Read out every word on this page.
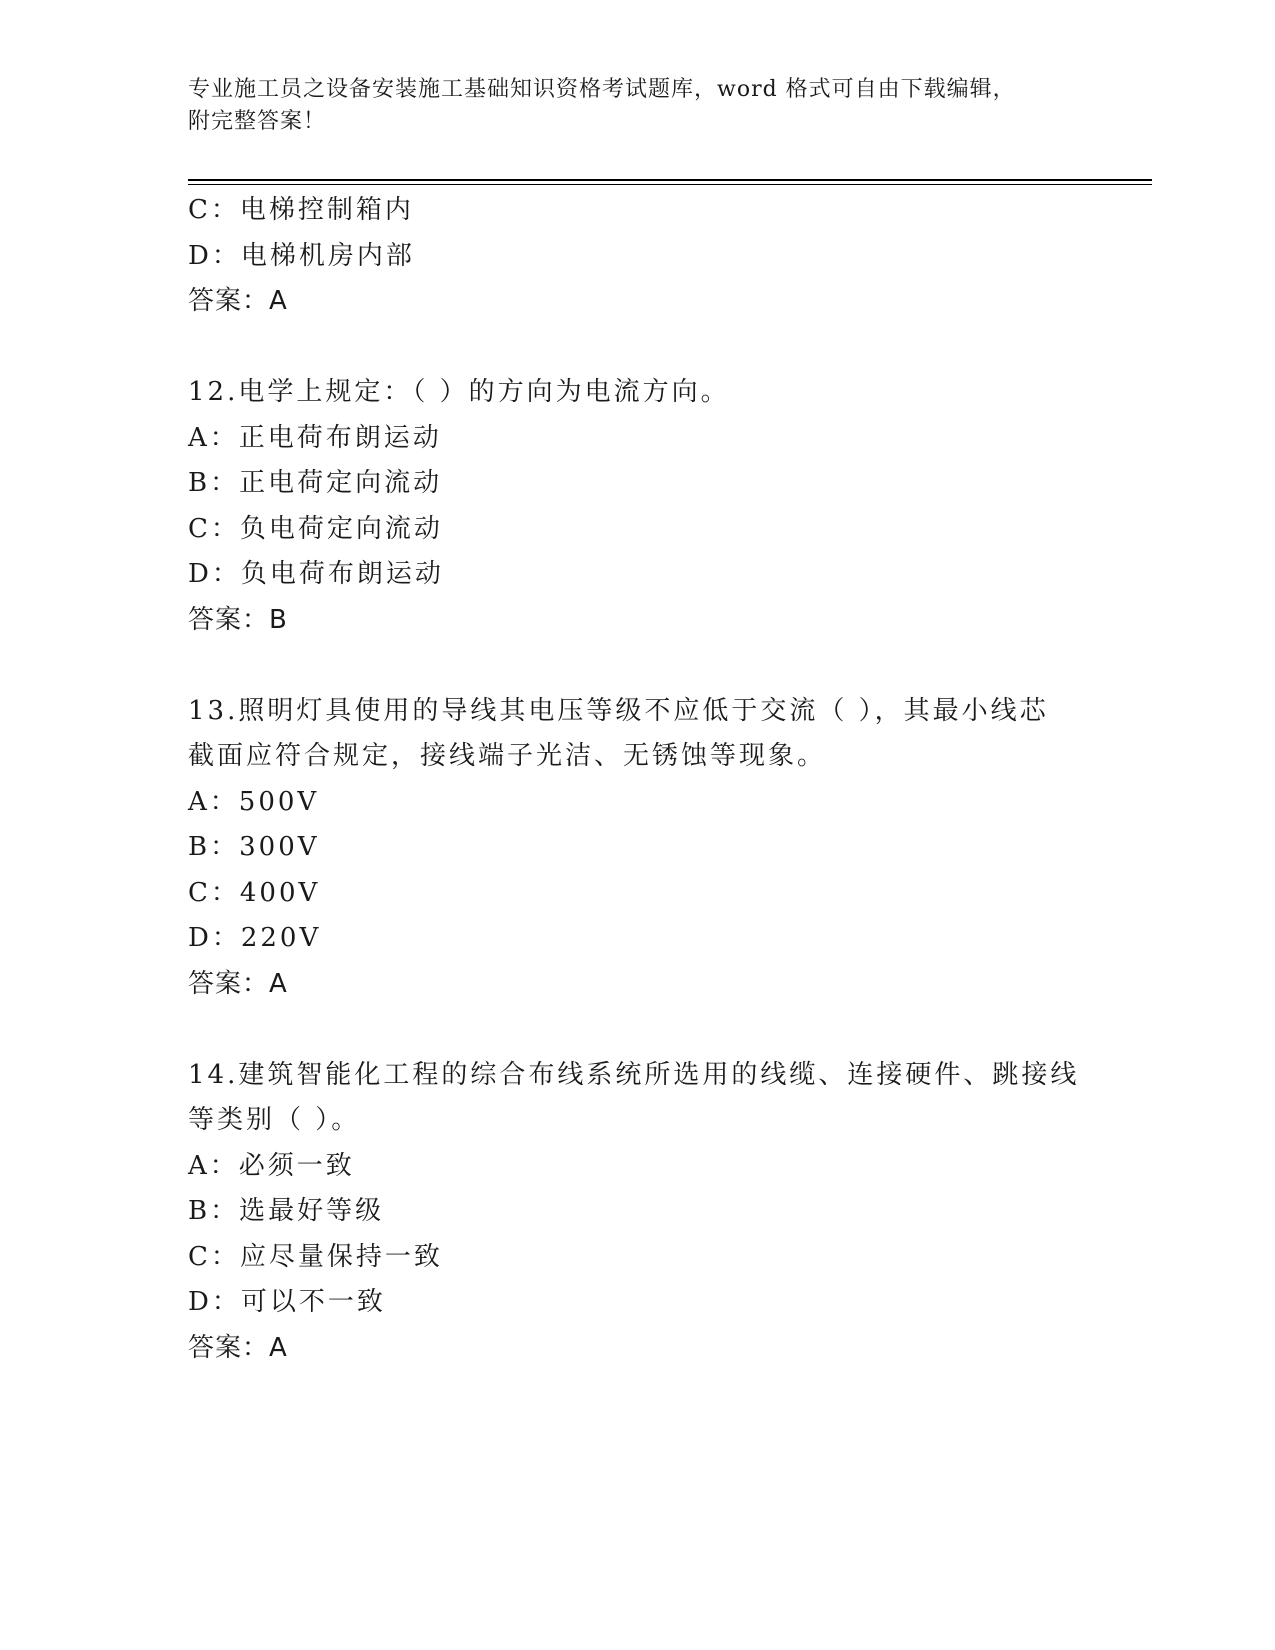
专业施工员之设备安装施工基础知识资格考试题库，word 格式可自由下载编辑，
附完整答案！
C：电梯控制箱内
D：电梯机房内部
答案：A
12.电学上规定：（ ）的方向为电流方向。
A：正电荷布朗运动
B：正电荷定向流动
C：负电荷定向流动
D：负电荷布朗运动
答案：B
13.照明灯具使用的导线其电压等级不应低于交流（ ），其最小线芯
截面应符合规定，接线端子光洁、无锈蚀等现象。
A：500V
B：300V
C：400V
D：220V
答案：A
14.建筑智能化工程的综合布线系统所选用的线缆、连接硬件、跳接线
等类别（ ）。
A：必须一致
B：选最好等级
C：应尽量保持一致
D：可以不一致
答案：A
